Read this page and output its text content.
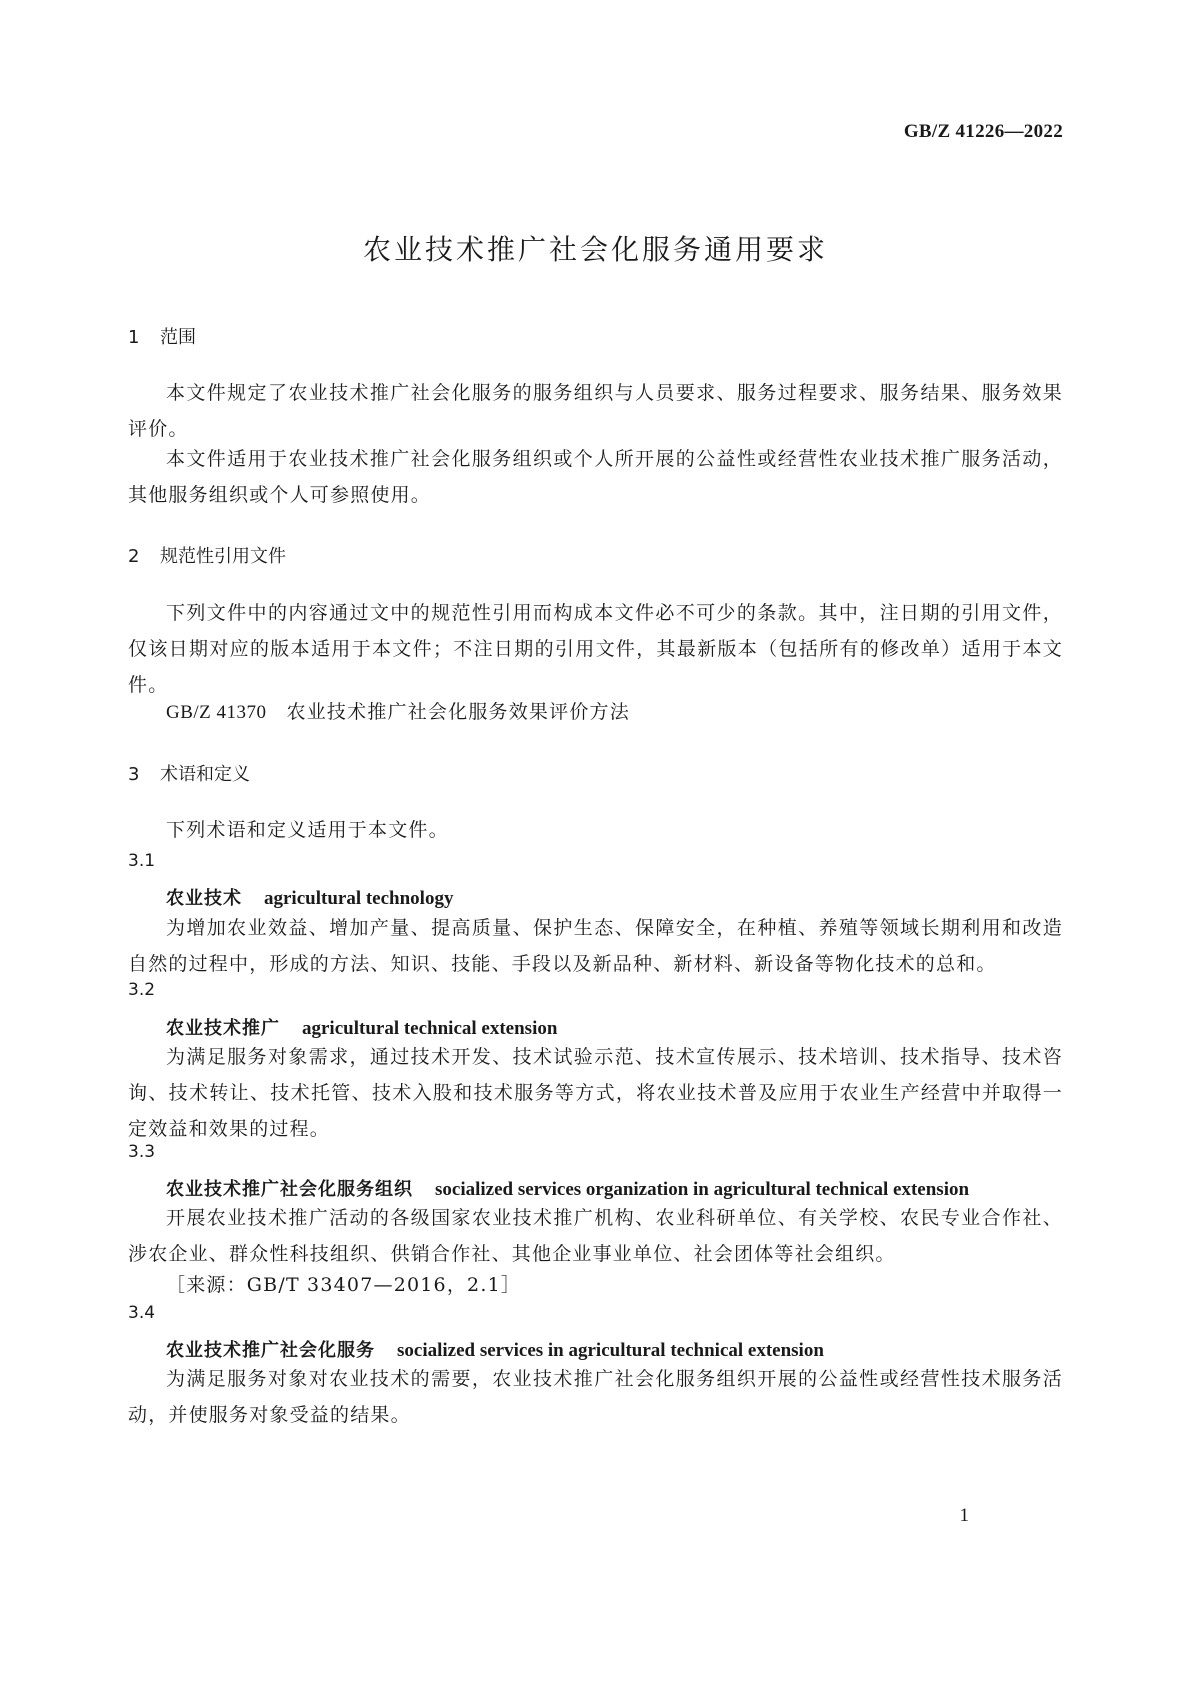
GB/Z 41226—2022
农业技术推广社会化服务通用要求
1 范围
本文件规定了农业技术推广社会化服务的服务组织与人员要求、服务过程要求、服务结果、服务效果评价。
本文件适用于农业技术推广社会化服务组织或个人所开展的公益性或经营性农业技术推广服务活动，其他服务组织或个人可参照使用。
2 规范性引用文件
下列文件中的内容通过文中的规范性引用而构成本文件必不可少的条款。其中，注日期的引用文件，仅该日期对应的版本适用于本文件；不注日期的引用文件，其最新版本（包括所有的修改单）适用于本文件。
GB/Z 41370 农业技术推广社会化服务效果评价方法
3 术语和定义
下列术语和定义适用于本文件。
3.1
农业技术 agricultural technology
为增加农业效益、增加产量、提高质量、保护生态、保障安全，在种植、养殖等领域长期利用和改造自然的过程中，形成的方法、知识、技能、手段以及新品种、新材料、新设备等物化技术的总和。
3.2
农业技术推广 agricultural technical extension
为满足服务对象需求，通过技术开发、技术试验示范、技术宣传展示、技术培训、技术指导、技术咨询、技术转让、技术托管、技术入股和技术服务等方式，将农业技术普及应用于农业生产经营中并取得一定效益和效果的过程。
3.3
农业技术推广社会化服务组织 socialized services organization in agricultural technical extension
开展农业技术推广活动的各级国家农业技术推广机构、农业科研单位、有关学校、农民专业合作社、涉农企业、群众性科技组织、供销合作社、其他企业事业单位、社会团体等社会组织。
［来源：GB/T 33407—2016，2.1］
3.4
农业技术推广社会化服务 socialized services in agricultural technical extension
为满足服务对象对农业技术的需要，农业技术推广社会化服务组织开展的公益性或经营性技术服务活动，并使服务对象受益的结果。
1
